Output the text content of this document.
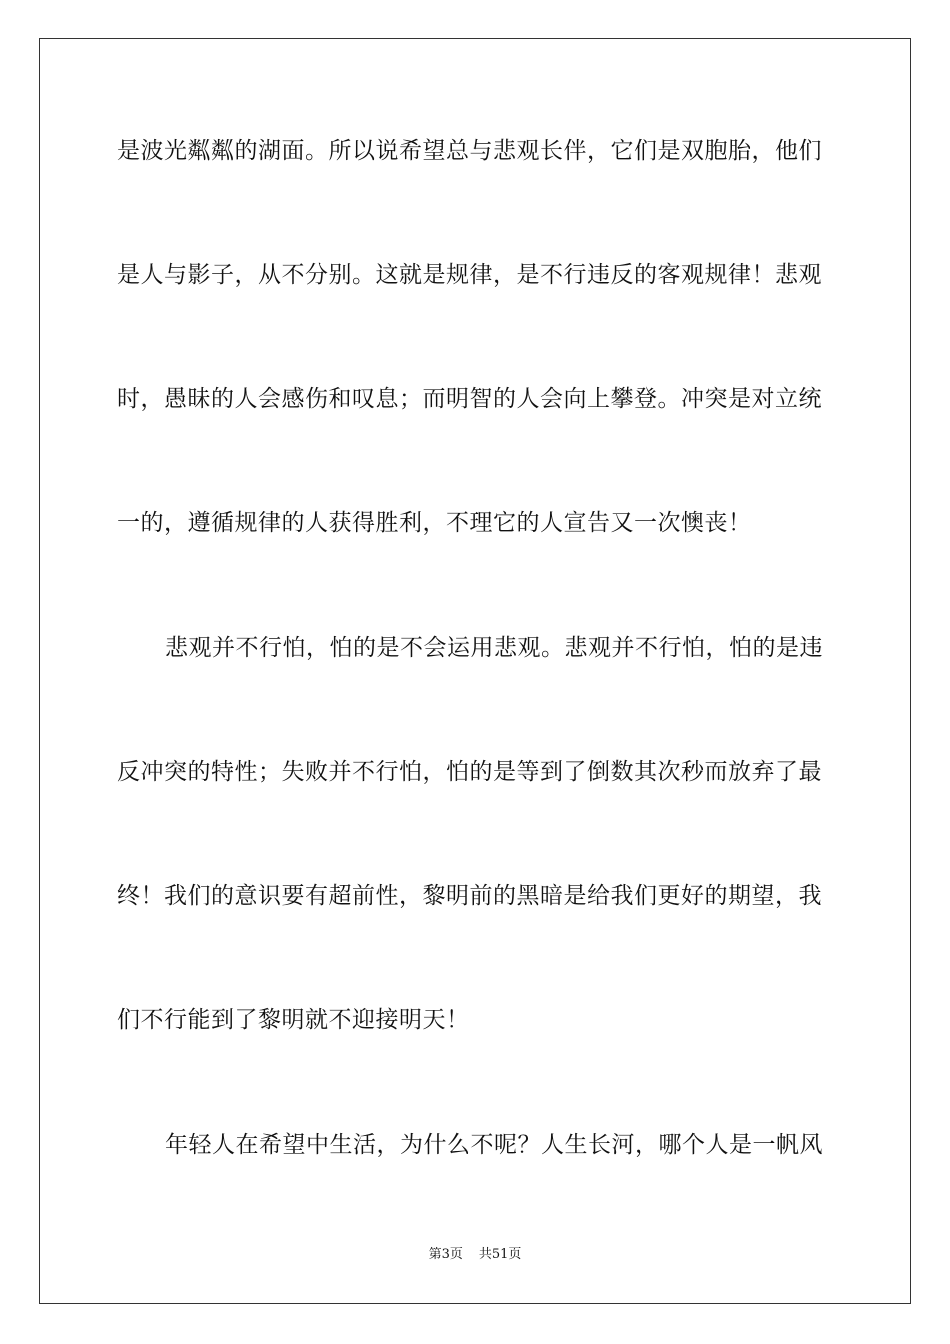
是波光粼粼的湖面。所以说希望总与悲观长伴，它们是双胞胎，他们
是人与影子，从不分别。这就是规律，是不行违反的客观规律！悲观
时，愚昧的人会感伤和叹息；而明智的人会向上攀登。冲突是对立统
一的，遵循规律的人获得胜利，不理它的人宣告又一次懊丧！
悲观并不行怕，怕的是不会运用悲观。悲观并不行怕，怕的是违
反冲突的特性；失败并不行怕，怕的是等到了倒数其次秒而放弃了最
终！我们的意识要有超前性，黎明前的黑暗是给我们更好的期望，我
们不行能到了黎明就不迎接明天！
年轻人在希望中生活，为什么不呢？人生长河，哪个人是一帆风
第3页 共51页
